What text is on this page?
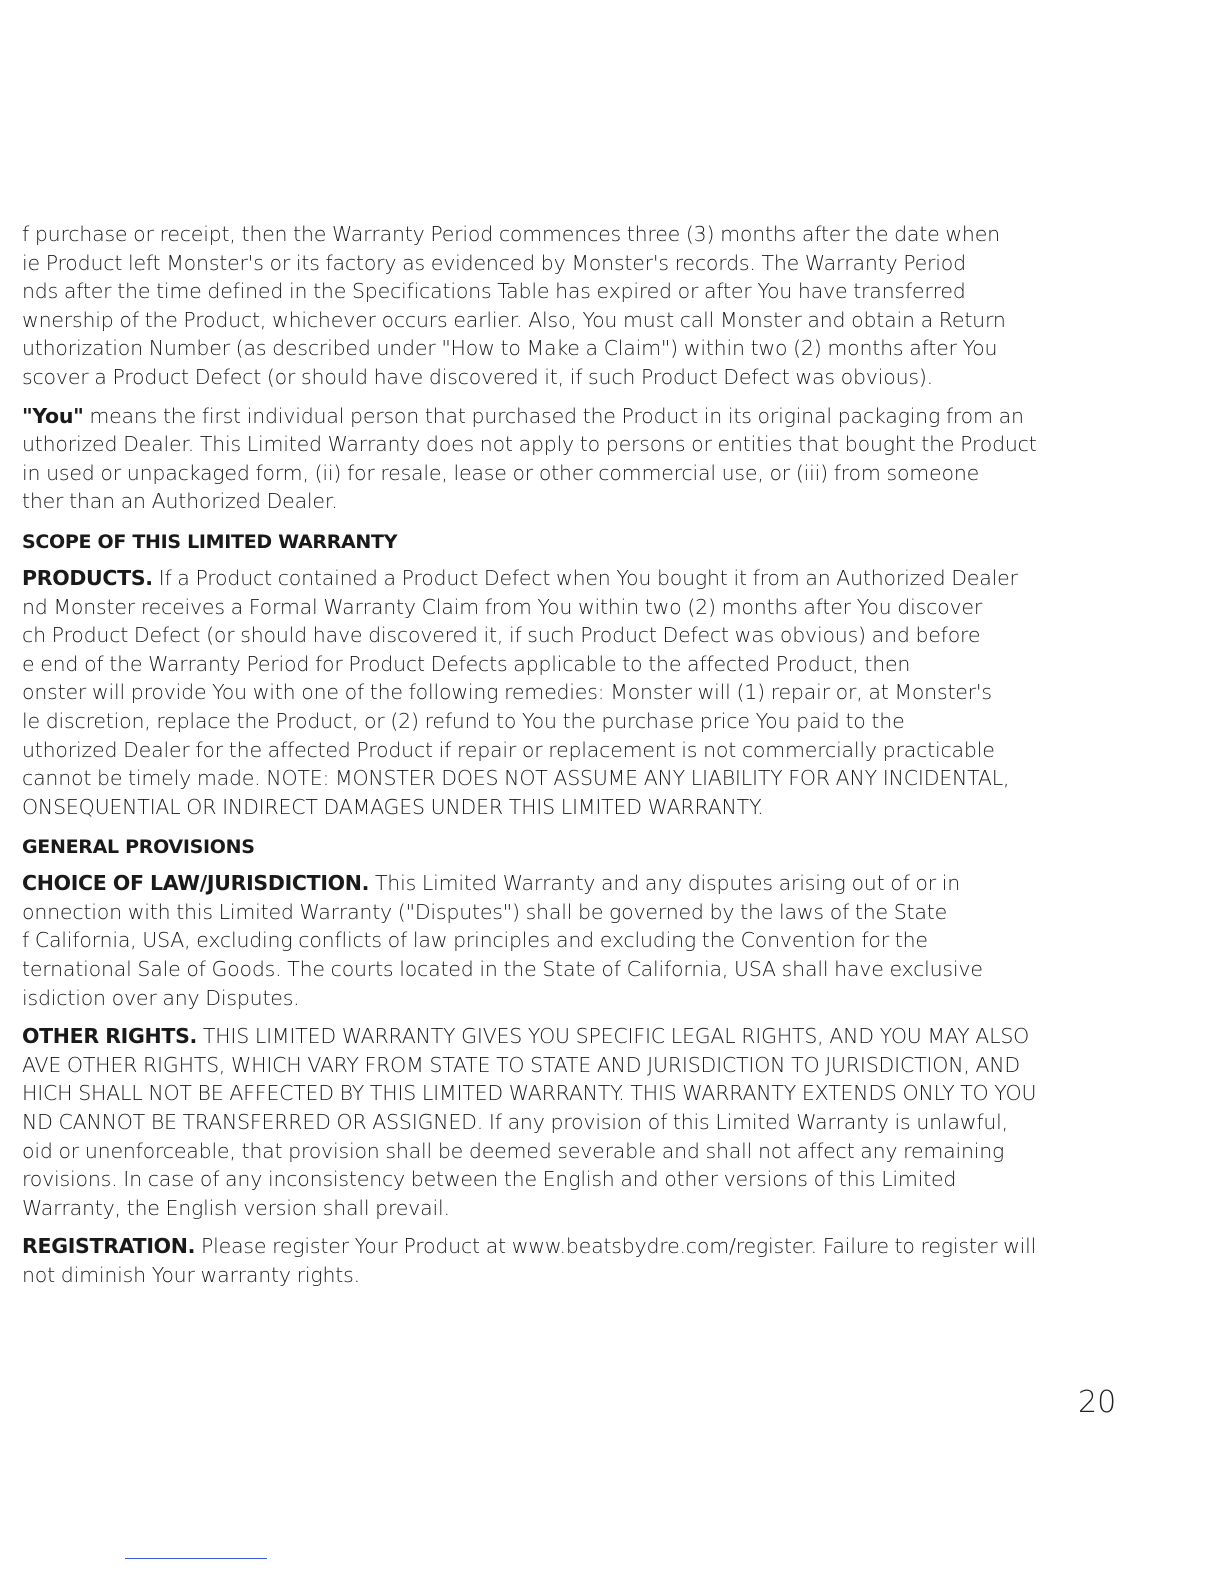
f purchase or receipt, then the Warranty Period commences three (3) months after the date when
ie Product left Monster's or its factory as evidenced by Monster's records. The Warranty Period
nds after the time defined in the Specifications Table has expired or after You have transferred
wnership of the Product, whichever occurs earlier. Also, You must call Monster and obtain a Return
uthorization Number (as described under "How to Make a Claim") within two (2) months after You
scover a Product Defect (or should have discovered it, if such Product Defect was obvious).

"You" means the first individual person that purchased the Product in its original packaging from an
uthorized Dealer. This Limited Warranty does not apply to persons or entities that bought the Product
in used or unpackaged form, (ii) for resale, lease or other commercial use, or (iii) from someone
ther than an Authorized Dealer.

SCOPE OF THIS LIMITED WARRANTY

PRODUCTS. If a Product contained a Product Defect when You bought it from an Authorized Dealer
nd Monster receives a Formal Warranty Claim from You within two (2) months after You discover
ch Product Defect (or should have discovered it, if such Product Defect was obvious) and before
e end of the Warranty Period for Product Defects applicable to the affected Product, then
onster will provide You with one of the following remedies: Monster will (1) repair or, at Monster's
le discretion, replace the Product, or (2) refund to You the purchase price You paid to the
uthorized Dealer for the affected Product if repair or replacement is not commercially practicable
cannot be timely made. NOTE: MONSTER DOES NOT ASSUME ANY LIABILITY FOR ANY INCIDENTAL,
ONSEQUENTIAL OR INDIRECT DAMAGES UNDER THIS LIMITED WARRANTY.

GENERAL PROVISIONS

CHOICE OF LAW/JURISDICTION. This Limited Warranty and any disputes arising out of or in
onnection with this Limited Warranty ("Disputes") shall be governed by the laws of the State
f California, USA, excluding conflicts of law principles and excluding the Convention for the
ternational Sale of Goods. The courts located in the State of California, USA shall have exclusive
isdiction over any Disputes.

OTHER RIGHTS. THIS LIMITED WARRANTY GIVES YOU SPECIFIC LEGAL RIGHTS, AND YOU MAY ALSO
AVE OTHER RIGHTS, WHICH VARY FROM STATE TO STATE AND JURISDICTION TO JURISDICTION, AND
HICH SHALL NOT BE AFFECTED BY THIS LIMITED WARRANTY. THIS WARRANTY EXTENDS ONLY TO YOU
ND CANNOT BE TRANSFERRED OR ASSIGNED. If any provision of this Limited Warranty is unlawful,
oid or unenforceable, that provision shall be deemed severable and shall not affect any remaining
rovisions. In case of any inconsistency between the English and other versions of this Limited
Warranty, the English version shall prevail.

REGISTRATION. Please register Your Product at www.beatsbydre.com/register. Failure to register will
not diminish Your warranty rights.

20
